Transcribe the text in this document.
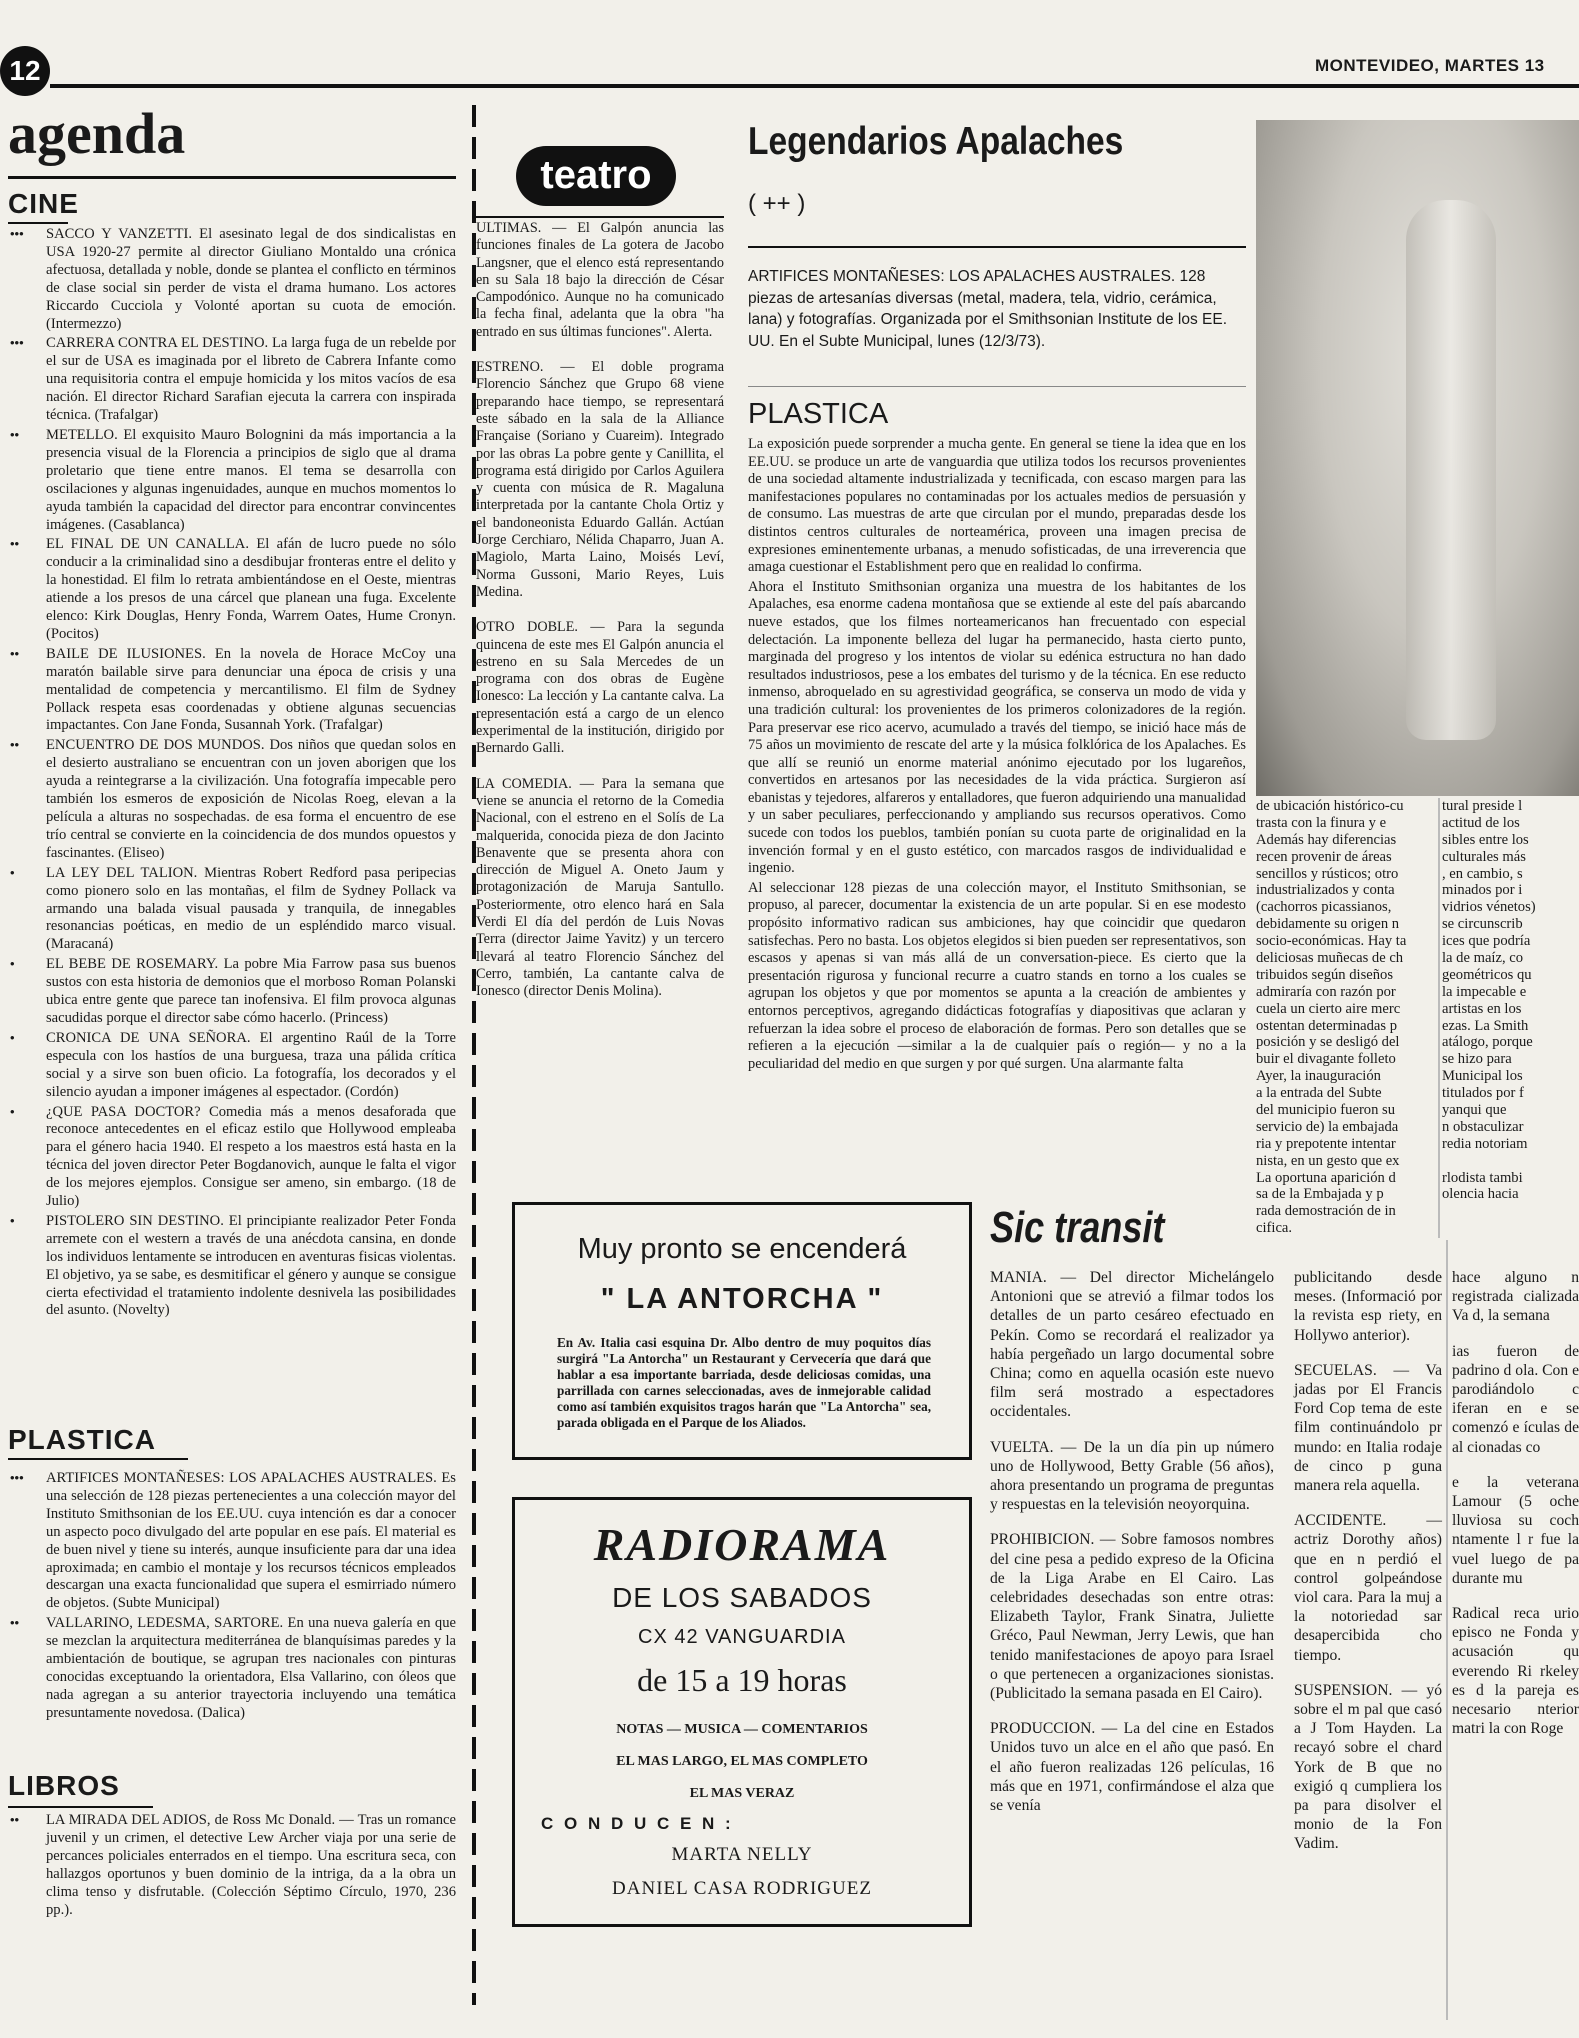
12	MONTEVIDEO, MARTES 13
agenda
CINE
••• SACCO Y VANZETTI. El asesinato legal de dos sindicalistas en USA 1920-27 permite al director Giuliano Montaldo una crónica afectuosa, detallada y noble, donde se plantea el conflicto en términos de clase social sin perder de vista el drama humano. Los actores Riccardo Cucciola y Volonté aportan su cuota de emoción. (Intermezzo)

••• CARRERA CONTRA EL DESTINO. La larga fuga de un rebelde por el sur de USA es imaginada por el libreto de Cabrera Infante como una requisitoria contra el empuje homicida y los mitos vacíos de esa nación. El director Richard Sarafian ejecuta la carrera con inspirada técnica. (Trafalgar)

•• METELLO. El exquisito Mauro Bolognini da más importancia a la presencia visual de la Florencia a principios de siglo que al drama proletario que tiene entre manos. El tema se desarrolla con oscilaciones y algunas ingenuidades, aunque en muchos momentos lo ayuda también la capacidad del director para encontrar convincentes imágenes. (Casablanca)

•• EL FINAL DE UN CANALLA. El afán de lucro puede no sólo conducir a la criminalidad sino a desdibujar fronteras entre el delito y la honestidad. El film lo retrata ambientándose en el Oeste, mientras atiende a los presos de una cárcel que planean una fuga. Excelente elenco: Kirk Douglas, Henry Fonda, Warrem Oates, Hume Cronyn. (Pocitos)

•• BAILE DE ILUSIONES. En la novela de Horace McCoy una maratón bailable sirve para denunciar una época de crisis y una mentalidad de competencia y mercantilismo. El film de Sydney Pollack respeta esas coordenadas y obtiene algunas secuencias impactantes. Con Jane Fonda, Susannah York. (Trafalgar)

•• ENCUENTRO DE DOS MUNDOS. Dos niños que quedan solos en el desierto australiano se encuentran con un joven aborigen que los ayuda a reintegrarse a la civilización. Una fotografía impecable pero también los esmeros de exposición de Nicolas Roeg, elevan a la película a alturas no sospechadas. de esa forma el encuentro de ese trío central se convierte en la coincidencia de dos mundos opuestos y fascinantes. (Eliseo)

• LA LEY DEL TALION. Mientras Robert Redford pasa peripecias como pionero solo en las montañas, el film de Sydney Pollack va armando una balada visual pausada y tranquila, de innegables resonancias poéticas, en medio de un espléndido marco visual. (Maracaná)

• EL BEBE DE ROSEMARY. La pobre Mia Farrow pasa sus buenos sustos con esta historia de demonios que el morboso Roman Polanski ubica entre gente que parece tan inofensiva. El film provoca algunas sacudidas porque el director sabe cómo hacerlo. (Princess)

• CRONICA DE UNA SEÑORA. El argentino Raúl de la Torre especula con los hastíos de una burguesa, traza una pálida crítica social y a sirve son buen oficio. La fotografía, los decorados y el silencio ayudan a imponer imágenes al espectador. (Cordón)

• ¿QUE PASA DOCTOR? Comedia más a menos desaforada que reconoce antecedentes en el eficaz estilo que Hollywood empleaba para el género hacia 1940. El respeto a los maestros está hasta en la técnica del joven director Peter Bogdanovich, aunque le falta el vigor de los mejores ejemplos. Consigue ser ameno, sin embargo. (18 de Julio)

• PISTOLERO SIN DESTINO. El principiante realizador Peter Fonda arremete con el western a través de una anécdota cansina, en donde los individuos lentamente se introducen en aventuras fisicas violentas. El objetivo, ya se sabe, es desmitificar el género y aunque se consigue cierta efectividad el tratamiento indolente desnivela las posibilidades del asunto. (Novelty)

PLASTICA
••• ARTIFICES MONTAÑESES: LOS APALACHES AUSTRALES. Es una selección de 128 piezas pertenecientes a una colección mayor del Instituto Smithsonian de los EE.UU. cuya intención es dar a conocer un aspecto poco divulgado del arte popular en ese país. El material es de buen nivel y tiene su interés, aunque insuficiente para dar una idea aproximada; en cambio el montaje y los recursos técnicos empleados descargan una exacta funcionalidad que supera el esmirriado número de objetos. (Subte Municipal)

•• VALLARINO, LEDESMA, SARTORE. En una nueva galería en que se mezclan la arquitectura mediterránea de blanquísimas paredes y la ambientación de boutique, se agrupan tres nacionales con pinturas conocidas exceptuando la orientadora, Elsa Vallarino, con óleos que nada agregan a su anterior trayectoria incluyendo una temática presuntamente novedosa. (Dalica)

LIBROS
•• LA MIRADA DEL ADIOS, de Ross Mc Donald. — Tras un romance juvenil y un crimen, el detective Lew Archer viaja por una serie de percances policiales enterrados en el tiempo. Una escritura seca, con hallazgos oportunos y buen dominio de la intriga, da a la obra un clima tenso y disfrutable. (Colección Séptimo Círculo, 1970, 236 pp.).

teatro

ULTIMAS. — El Galpón anuncia las funciones finales de La gotera de Jacobo Langsner, que el elenco está representando en su Sala 18 bajo la dirección de César Campodónico. Aunque no ha comunicado la fecha final, adelanta que la obra "ha entrado en sus últimas funciones". Alerta.

ESTRENO. — El doble programa Florencio Sánchez que Grupo 68 viene preparando hace tiempo, se representará este sábado en la sala de la Alliance Française (Soriano y Cuareim). Integrado por las obras La pobre gente y Canillita, el programa está dirigido por Carlos Aguilera y cuenta con música de R. Magaluna interpretada por la cantante Chola Ortiz y el bandoneonista Eduardo Gallán. Actúan Jorge Cerchiaro, Nélida Chaparro, Juan A. Magiolo, Marta Laino, Moisés Leví, Norma Gussoni, Mario Reyes, Luis Medina.

OTRO DOBLE. — Para la segunda quincena de este mes El Galpón anuncia el estreno en su Sala Mercedes de un programa con dos obras de Eugène Ionesco: La lección y La cantante calva. La representación está a cargo de un elenco experimental de la institución, dirigido por Bernardo Galli.

LA COMEDIA. — Para la semana que viene se anuncia el retorno de la Comedia Nacional, con el estreno en el Solís de La malquerida, conocida pieza de don Jacinto Benavente que se presenta ahora con dirección de Miguel A. Oneto Jaum y protagonización de Maruja Santullo. Posteriormente, otro elenco hará en Sala Verdi El día del perdón de Luis Novas Terra (director Jaime Yavitz) y un tercero llevará al teatro Florencio Sánchez del Cerro, también, La cantante calva de Ionesco (director Denis Molina).

Legendarios Apalaches
( ++ )
ARTIFICES MONTAÑESES: LOS APALACHES AUSTRALES. 128 piezas de artesanías diversas (metal, madera, tela, vidrio, cerámica, lana) y fotografías. Organizada por el Smithsonian Institute de los EE. UU. En el Subte Municipal, lunes (12/3/73).
PLASTICA

La exposición puede sorprender a mucha gente. En general se tiene la idea que en los EE.UU. se produce un arte de vanguardia que utiliza todos los recursos provenientes de una sociedad altamente industrializada y tecnificada, con escaso margen para las manifestaciones populares no contaminadas por los actuales medios de persuasión y de consumo. Las muestras de arte que circulan por el mundo, preparadas desde los distintos centros culturales de norteamérica, proveen una imagen precisa de expresiones eminentemente urbanas, a menudo sofisticadas, de una irreverencia que amaga cuestionar el Establishment pero que en realidad lo confirma.

Ahora el Instituto Smithsonian organiza una muestra de los habitantes de los Apalaches, esa enorme cadena montañosa que se extiende al este del país abarcando nueve estados, que los filmes norteamericanos han frecuentado con especial delectación. La imponente belleza del lugar ha permanecido, hasta cierto punto, marginada del progreso y los intentos de violar su edénica estructura no han dado resultados industriosos, pese a los embates del turismo y de la técnica. En ese reducto inmenso, abroquelado en su agrestividad geográfica, se conserva un modo de vida y una tradición cultural: los provenientes de los primeros colonizadores de la región. Para preservar ese rico acervo, acumulado a través del tiempo, se inició hace más de 75 años un movimiento de rescate del arte y la música folklórica de los Apalaches. Es que allí se reunió un enorme material anónimo ejecutado por los lugareños, convertidos en artesanos por las necesidades de la vida práctica. Surgieron así ebanistas y tejedores, alfareros y entalladores, que fueron adquiriendo una manualidad y un saber peculiares, perfeccionando y ampliando sus recursos operativos. Como sucede con todos los pueblos, también ponían su cuota parte de originalidad en la invención formal y en el gusto estético, con marcados rasgos de individualidad e ingenio.

Al seleccionar 128 piezas de una colección mayor, el Instituto Smithsonian, se propuso, al parecer, documentar la existencia de un arte popular. Si en ese modesto propósito informativo radican sus ambiciones, hay que coincidir que quedaron satisfechas. Pero no basta. Los objetos elegidos si bien pueden ser representativos, son escasos y apenas si van más allá de un conversation-piece. Es cierto que la presentación rigurosa y funcional recurre a cuatro stands en torno a los cuales se agrupan los objetos y que por momentos se apunta a la creación de ambientes y entornos perceptivos, agregando didácticas fotografías y diapositivas que aclaran y refuerzan la idea sobre el proceso de elaboración de formas. Pero son detalles que se refieren a la ejecución —similar a la de cualquier país o región— y no a la peculiaridad del medio en que surgen y por qué surgen. Una alarmante falta

de ubicación histórico-cu
trasta con la finura y e
Además hay diferencias
recen provenir de áreas
sencillos y rústicos; otro
industrializados y conta
(cachorros picassianos,
debidamente su origen n
socio-económicas. Hay ta
deliciosas muñecas de ch
tribuidos según diseños
admiraría con razón por
cuela un cierto aire merc
ostentan determinadas p
posición y se desligó del
buir el divagante folleto
Ayer, la inauguración
a la entrada del Subte
del municipio fueron su
servicio de) la embajada
ria y prepotente intentar
nista, en un gesto que ex
La oportuna aparición d
sa de la Embajada y p
rada demostración de in
cifica.
tural preside l
actitud de los
sibles entre los
culturales más
, en cambio, s
minados por i
vidrios vénetos)
se circunscrib
ices que podría
la de maíz, co
geométricos qu
la impecable e
artistas en los
ezas. La Smith
atálogo, porque
se hizo para
Municipal los
titulados por f
yanqui que
n obstaculizar
redia notoriam
rlodista tambi
olencia hacia
Muy pronto se encenderá
" LA ANTORCHA "
En Av. Italia casi esquina Dr. Albo dentro de muy poquitos días surgirá "La Antorcha" un Restaurant y Cervecería que dará que hablar a esa importante barriada, desde deliciosas comidas, una parrillada con carnes seleccionadas, aves de inmejorable calidad como así también exquisitos tragos harán que "La Antorcha" sea, parada obligada en el Parque de los Aliados.
RADIORAMA
DE LOS SABADOS
CX 42 VANGUARDIA
de 15 a 19 horas
NOTAS — MUSICA — COMENTARIOS
EL MAS LARGO, EL MAS COMPLETO
EL MAS VERAZ
C O N D U C E N :
MARTA NELLY
DANIEL CASA RODRIGUEZ
Sic transit

MANIA. — Del director Michelángelo Antonioni que se atrevió a filmar todos los detalles de un parto cesáreo efectuado en Pekín. Como se recordará el realizador ya había pergeñado un largo documental sobre China; como en aquella ocasión este nuevo film será mostrado a espectadores occidentales.

VUELTA. — De la un día pin up número uno de Hollywood, Betty Grable (56 años), ahora presentando un programa de preguntas y respuestas en la televisión neoyorquina.

PROHIBICION. — Sobre famosos nombres del cine pesa a pedido expreso de la Oficina de la Liga Arabe en El Cairo. Las celebridades desechadas son entre otras: Elizabeth Taylor, Frank Sinatra, Juliette Gréco, Paul Newman, Jerry Lewis, que han tenido manifestaciones de apoyo para Israel o que pertenecen a organizaciones sionistas. (Publicitado la semana pasada en El Cairo).

PRODUCCION. — La del cine en Estados Unidos tuvo un alce en el año que pasó. En el año fueron realizadas 126 películas, 16 más que en 1971, confirmándose el alza que se venía

publicitando desde meses. (Informació por la revista esp riety, en Hollywo anterior).

SECUELAS. — Va jadas por El Francis Ford Cop tema de este film continuándolo pr mundo: en Italia rodaje de cinco p guna manera rela aquella.

ACCIDENTE. — actriz Dorothy años) que en n perdió el control golpeándose viol cara. Para la muj a la notoriedad sar desapercibida cho tiempo.

SUSPENSION. — yó sobre el m pal que casó a J Tom Hayden. La recayó sobre el chard York de B que no exigió q cumpliera los pa para disolver el monio de la Fon Vadim.

hace alguno n registrada cializada Va d, la semana

ias fueron de padrino d ola. Con e parodiándolo c iferan en e se comenzó e ículas de al cionadas co

e la veterana Lamour (5 oche lluviosa su coch ntamente l r fue la vuel luego de pa durante mu

Radical reca urio episco ne Fonda y acusación qu everendo Ri rkeley es d la pareja es necesario nterior matri la con Roge
